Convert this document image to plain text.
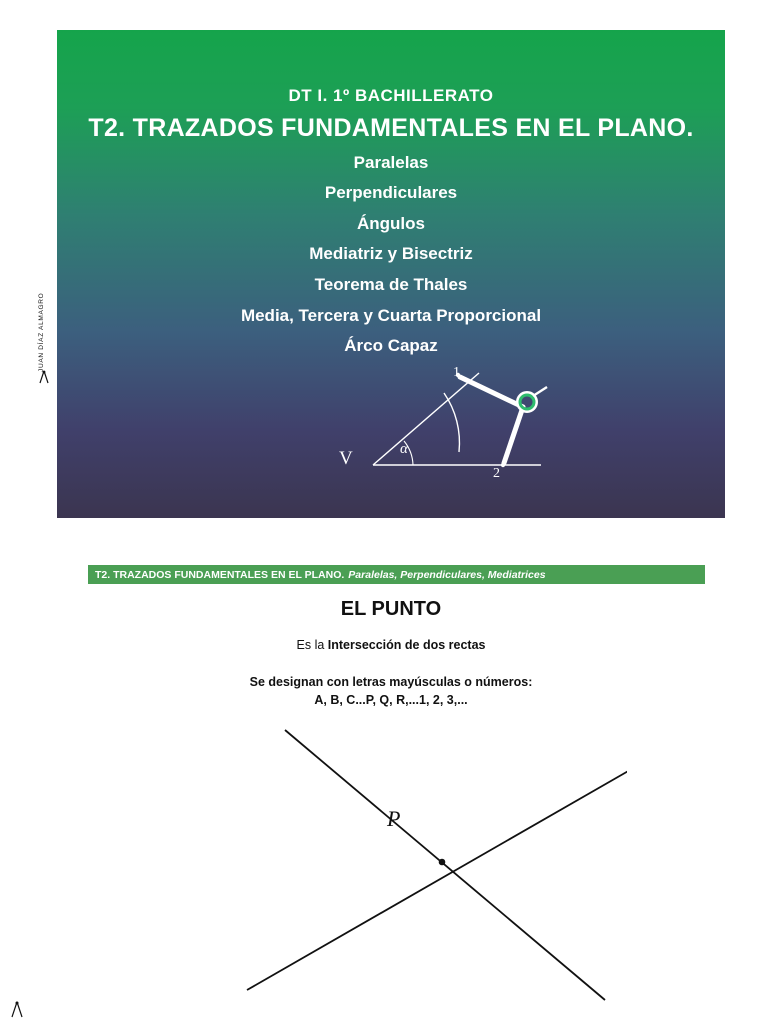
DT I. 1º BACHILLERATO
T2. TRAZADOS FUNDAMENTALES EN EL PLANO.
Paralelas
Perpendiculares
Ángulos
Mediatriz y Bisectriz
Teorema de Thales
Media, Tercera y Cuarta Proporcional
Árco Capaz
V
1
2
α
JUAN DÍAZ ALMAGRO
T2. TRAZADOS FUNDAMENTALES EN EL PLANO. Paralelas, Perpendiculares, Mediatrices
EL PUNTO
Es la Intersección de dos rectas
Se designan con letras mayúsculas o números:
A, B, C...P, Q, R,...1, 2, 3,...
P
